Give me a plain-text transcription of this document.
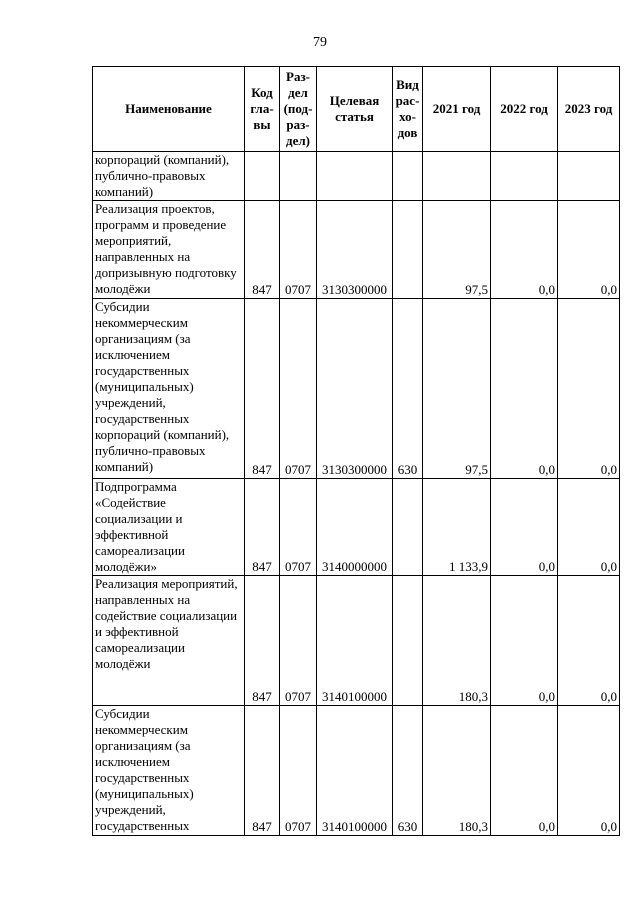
79
Наименование	Код гла-вы	Раз-дел (под-раз-дел)	Целевая статья	Вид рас-хо-дов	2021 год	2022 год	2023 год
корпораций (компаний), публично-правовых компаний)							
Реализация проектов, программ и проведение мероприятий, направленных на допризывную подготовку молодёжи	847	0707	3130300000		97,5	0,0	0,0
Субсидии некоммерческим организациям (за исключением государственных (муниципальных) учреждений, государственных корпораций (компаний), публично-правовых компаний)	847	0707	3130300000	630	97,5	0,0	0,0
Подпрограмма «Содействие социализации и эффективной самореализации молодёжи»	847	0707	3140000000		1 133,9	0,0	0,0
Реализация мероприятий, направленных на содействие социализации и эффективной самореализации молодёжи	847	0707	3140100000		180,3	0,0	0,0
Субсидии некоммерческим организациям (за исключением государственных (муниципальных) учреждений, государственных	847	0707	3140100000	630	180,3	0,0	0,0
